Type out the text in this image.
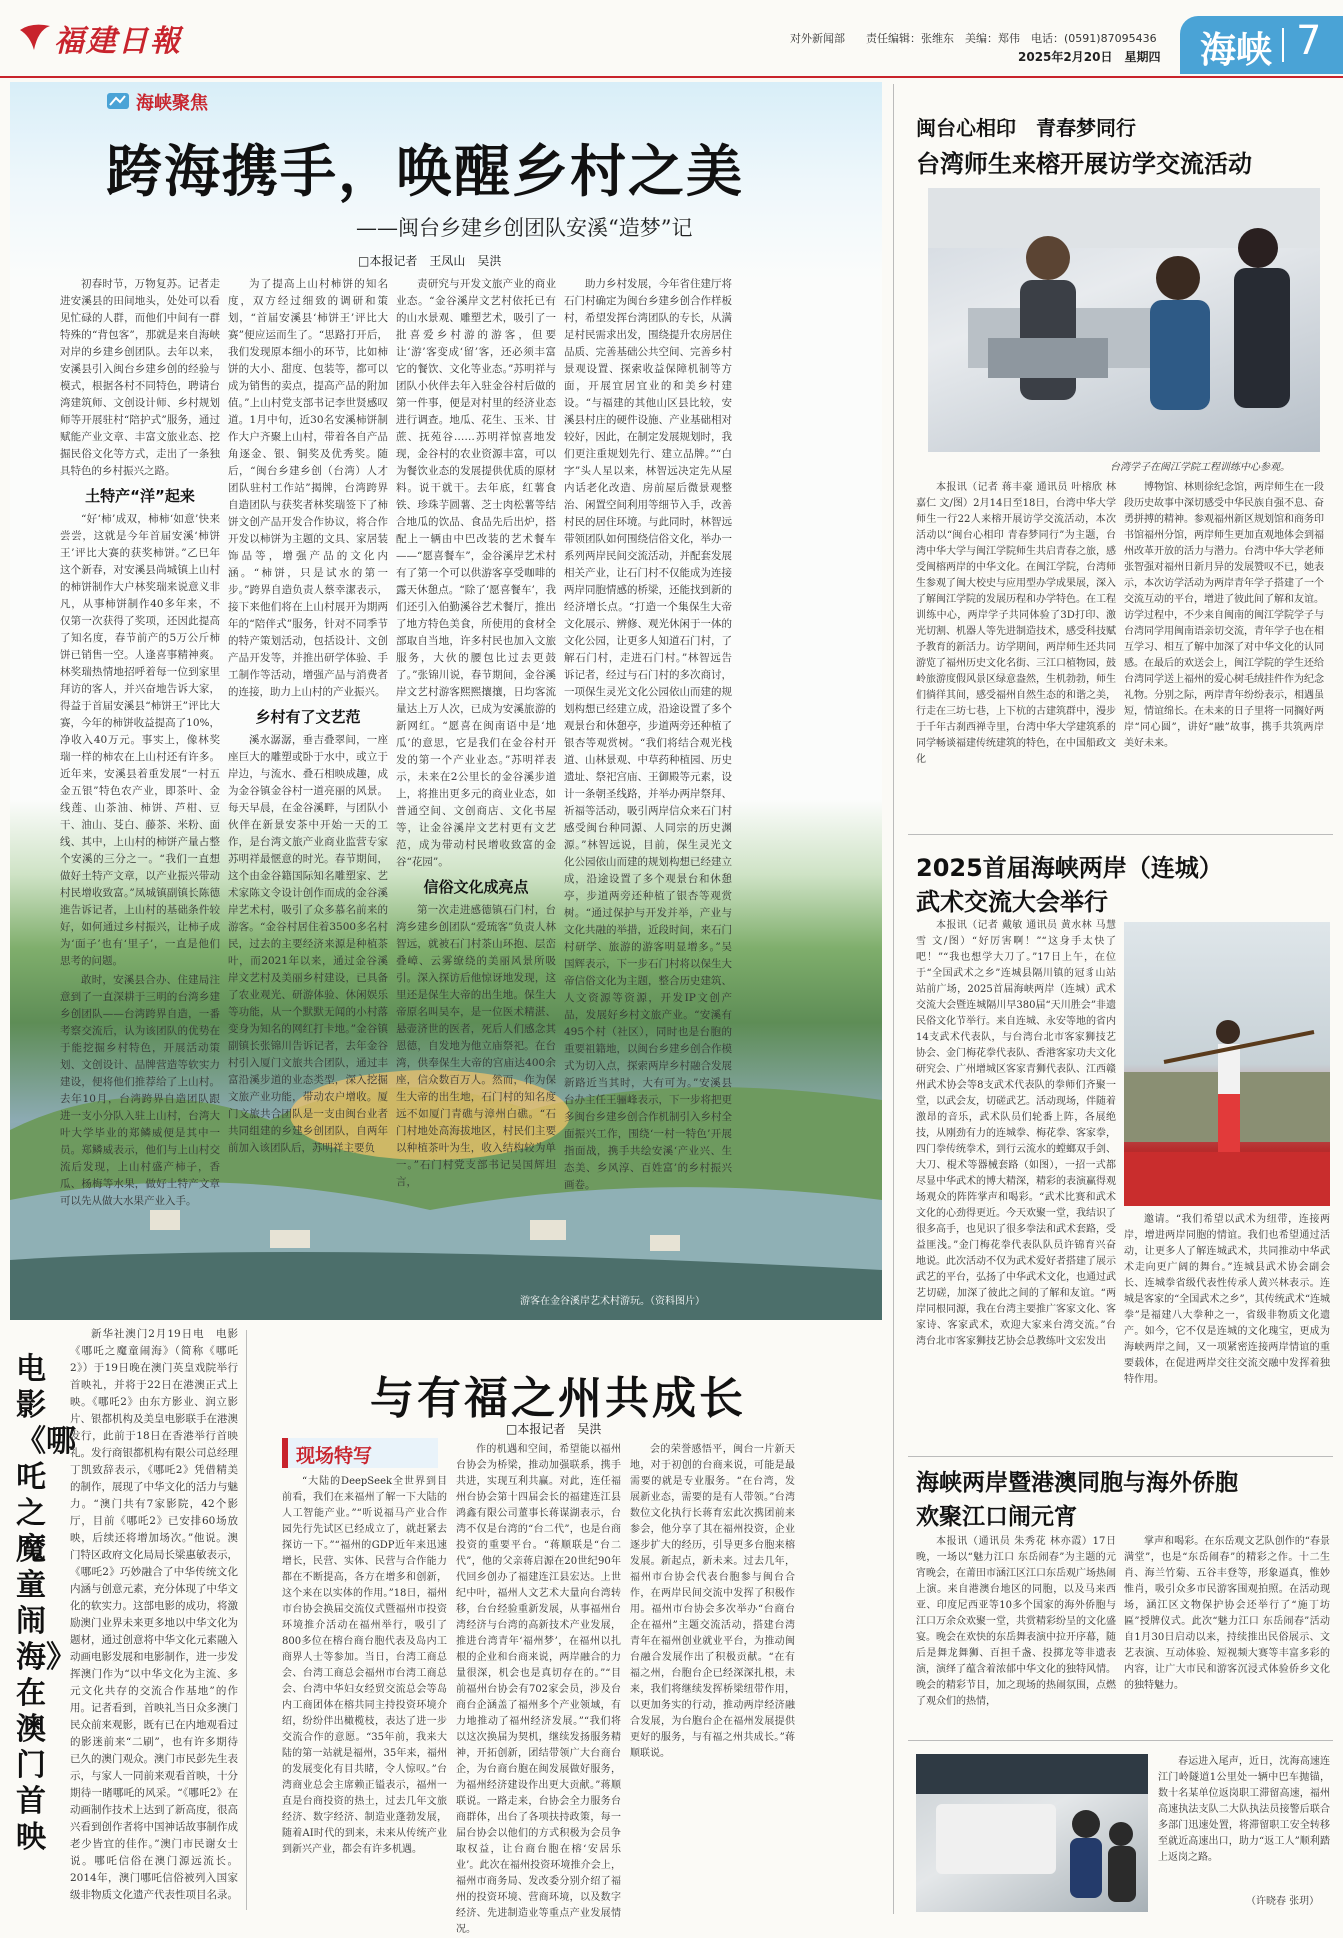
福建日報	对外新闻部 责任编辑：张维东　美编：郑伟　电话：(0591)87095436
2025年2月20日　星期四 海峡 7
游客在金谷溪岸艺术村游玩。（资料图片）
海峡聚焦
跨海携手，唤醒乡村之美
——闽台乡建乡创团队安溪“造梦”记
□本报记者　王凤山　吴洪

初春时节，万物复苏。记者走进安溪县的田间地头，处处可以看见忙碌的人群，而他们中间有一群特殊的“背包客”，那就是来自海峡对岸的乡建乡创团队。去年以来，安溪县引入闽台乡建乡创的经验与模式，根据各村不同特色，聘请台湾建筑师、文创设计师、乡村规划师等开展驻村“陪护式”服务，通过赋能产业文章、丰富文旅业态、挖掘民俗文化等方式，走出了一条独具特色的乡村振兴之路。

土特产“洋”起来

“好‘柿’成双，柿柿‘如意’快来尝尝，这就是今年首届安溪‘柿饼王’评比大赛的获奖柿饼。”乙巳年这个新春，对安溪县尚城镇上山村的柿饼制作大户林奖瑞来说意义非凡，从事柿饼制作40多年来，不仅第一次获得了奖项，还因此提高了知名度，春节前产的5万公斤柿饼已销售一空。人逢喜事精神爽。林奖瑞热情地招呼着每一位到家里拜访的客人，并兴奋地告诉大家，得益于首届安溪县“柿饼王”评比大赛，今年的柿饼收益提高了10%，净收入40万元。事实上，像林奖瑞一样的柿农在上山村还有许多。近年来，安溪县着重发展“一村五金五银”特色农产业，即茶叶、金线莲、山茶油、柿饼、芦柑、豆干、油山、芟白、藤茶、米粉、面线、其中，上山村的柿饼产量占整个安溪的三分之一。“我们一直想做好土特产文章，以产业振兴带动村民增收致富。”凤城镇副镇长陈德進告诉记者，上山村的基础条件较好，如何通过乡村振兴，让柿子成为‘面子’也有‘里子’，一直是他们思考的问题。

敢时，安溪县合办、住建局注意到了一直深耕于三明的台湾乡建乡创团队——台湾跨界自造，一番考察交流后，认为该团队的优势在于能挖掘乡村特色，开展活动策划、文创设计、品牌营造等软实力建设，便将他们推荐给了上山村。去年10月，台湾跨界自造团队跟进一支小分队入驻上山村，台湾大叶大学毕业的郑鳞威便是其中一员。郑鳞威表示，他们与上山村交流后发现，上山村盛产柿子，香瓜、杨梅等水果，做好土特产文章可以先从做大水果产业入手。

为了提高上山村柿饼的知名度，双方经过细致的调研和策划，“首届安溪县‘柿饼王’评比大赛”便应运而生了。“思路打开后，我们发现原本细小的环节，比如柿饼的大小、甜度、包装等，都可以成为销售的卖点，提高产品的附加值。”上山村党支部书记李世贤感叹道。1月中旬，近30名安溪柿饼制作大户齐聚上山村，带着各自产品角逐金、银、铜奖及优秀奖。随后，“闽台乡建乡创（台湾）人才团队驻村工作站”揭牌，台湾跨界自造团队与获奖者林奖瑞签下了柿饼文创产品开发合作协议，将合作开发以柿饼为主题的文具、家居装饰品等，增强产品的文化内涵。“柿饼，只是试水的第一步。”跨界自造负责人蔡幸潔表示，接下来他们将在上山村展开为期两年的“陪伴式”服务，针对不同季节的特产策划活动，包括设计、文创产品开发等，并推出研学体验、手工制作等活动，增强产品与消费者的连接，助力上山村的产业振兴。

乡村有了文艺范

溪水潺潺，垂吉叠翠间，一座座巨大的雕塑或卧于水中，或立于岸边，与流水、叠石相映成趣，成为金谷镇金谷村一道亮丽的风景。每天早晨，在金谷溪畔，与团队小伙伴在新景安茶中开始一天的工作，是台湾文旅产业商业监营专家苏明祥最惬意的时光。春节期间，这个由金谷籍国际知名雕塑家、艺术家陈文令设计创作而成的金谷溪岸艺术村，吸引了众多慕名前来的游客。“金谷村居住着3500多名村民，过去的主要经济来源是种植茶叶，而2021年以来，通过金谷溪岸文艺村及美丽乡村建设，已具备了农业观光、研游体验、休闲娱乐等功能，从一个默默无闻的小村落变身为知名的网红打卡地。”金谷镇副镇长张锦川告诉记者，去年金谷村引入厦门文旅共合团队，通过丰富沿溪步道的业态类型，深入挖掘文旅产业功能，带动农户增收。厦门文旅共合团队是一支由闽台业者共同组建的乡建乡创团队，自两年前加入该团队后，苏明祥主要负

责研究与开发文旅产业的商业业态。“金谷溪岸文艺村依托已有的山水景观、雕塑艺术，吸引了一批喜爱乡村游的游客，但要让‘游’客变成‘留’客，还必须丰富它的餐饮、文化等业态。”苏明祥与团队小伙伴去年入驻金谷村后做的第一件事，便是对村里的经济业态进行调查。地瓜、花生、玉米、甘蔗、抚苑谷……苏明祥惊喜地发现，金谷村的农业资源丰富，可以为餐饮业态的发展提供优质的原材料。说干就干。去年底，红薯食铁、珍珠芋圆薯、芝士肉松薯等结合地瓜的饮品、食品先后出炉，搭配上一辆由中巴改装的艺术餐车——“愿喜餐车”，金谷溪岸艺术村有了第一个可以供游客享受咖啡的露天休憩点。“除了‘愿喜餐车’，我们还引入伯勤溪谷艺术餐厅，推出了地方特色美食，所使用的食材全部取自当地，许多村民也加入文旅服务，大伙的腰包比过去更鼓了。”张锦川说，春节期间，金谷溪岸文艺村游客熙熙攘攘，日均客流量达上万人次，已成为安溪旅游的新网红。“愿喜在闽南语中是‘地瓜’的意思，它是我们在金谷村开发的第一个产业业态。”苏明祥表示，未来在2公里长的金谷溪步道上，将推出更多元的商业业态，如普通空间、文创商店、文化书屋等，让金谷溪岸文艺村更有文艺范，成为带动村民增收致富的金谷“花园”。

信俗文化成亮点

第一次走进感德镇石门村，台湾乡建乡创团队“爱琉客”负责人林智远，就被石门村茶山环抱、层峦叠嶂、云雾缭绕的美丽风景所吸引。深入探访后他惊讶地发现，这里还是保生大帝的出生地。保生大帝原名叫吴夲，是一位医术精湛、悬壶济世的医者，死后人们感念其恩德，自发地为他立庙祭祀。在台湾，供奉保生大帝的宫庙达400余座，信众数百万人。然而，作为保生大帝的出生地，石门村的知名度远不如厦门青礁与漳州白礁。“石门村地处高海拔地区，村民们主要以种植茶叶为生，收入结构较为单一。”石门村党支部书记吴国辉坦言，

助力乡村发展，今年省住建厅将石门村确定为闽台乡建乡创合作样板村，希望发挥台湾团队的专长，从满足村民需求出发，围绕提升农房居住品质、完善基础公共空间、完善乡村景观设置、探索收益保障机制等方面，开展宜居宜业的和美乡村建设。“与福建的其他山区县比较，安溪县村庄的硬件设施、产业基础相对较好，因此，在制定发展规划时，我们更注重规划先行、建立品牌。”“白字”头人星以来，林智远决定先从屋内话老化改造、房前屋后微景观整治、闲置空间利用等细节入手，改善村民的居住环境。与此同时，林智远带领团队如何围绕信俗文化，举办一系列两岸民间交流活动，并配套发展相关产业，让石门村不仅能成为连接两岸同胞情感的桥梁，还能找到新的经济增长点。“打造一个集保生大帝文化展示、辨修、观光休闲于一体的文化公园，让更多人知道石门村，了解石门村，走进石门村。”林智远告诉记者，经过与石门村的多次商讨，一项保生灵光文化公园依山而建的规划构想已经建立成，沿途设置了多个观景台和休憩亭，步道两旁还种植了银杏等观赏树。“我们将结合观光栈道、山林景观、中草药种植园、历史遗址、祭祀宫庙、王御殿等元素，设计一条朝圣线路，并举办两岸祭拜、祈福等活动，吸引两岸信众来石门村感受闽台种同源、人同宗的历史渊源。”林智远说，目前，保生灵光文化公园依山而建的规划构想已经建立成，沿途设置了多个观景台和休憩亭，步道两旁还种植了银杏等观赏树。“通过保护与开发并举，产业与文化共融的举措，近段时间，来石门村研学、旅游的游客明显增多。”吴国辉表示，下一步石门村将以保生大帝信俗文化为主题，整合历史建筑、人文资源等资源，开发IP文创产品，发展好乡村文旅产业。“安溪有495个村（社区），同时也是台胞的重要祖籍地，以闽台乡建乡创合作模式为切入点，探索两岸乡村融合发展新路近当其时，大有可为。”安溪县台办主任王骊峰表示，下一步将把更多闽台乡建乡创合作机制引入乡村全面振兴工作，围绕‘一村一特色’开展指面战，携手共绘安溪‘产业兴、生态美、乡风淳、百姓富’的乡村振兴画卷。

电影《哪吒之魔童闹海》在澳门首映

新华社澳门2月19日电　电影《哪吒之魔童闹海》（简称《哪吒2》）于19日晚在澳门英皇戏院举行首映礼，并将于22日在港澳正式上映。《哪吒2》由东方影业、润立影片、银都机构及美皇电影联手在港澳发行，此前于18日在香港举行首映礼。发行商银都机构有限公司总经理丁凯致辞表示，《哪吒2》凭借精美的制作，展现了中华文化的活力与魅力。“澳门共有7家影院，42个影厅，目前《哪吒2》已安排60场放映，后续还将增加场次。”他说。澳门特区政府文化局局长梁惠敏表示，《哪吒2》巧妙融合了中华传统文化内涵与创意元素，充分体现了中华文化的软实力。这部电影的成功，将激励澳门业界未来更多地以中华文化为题材，通过创意将中华文化元素融入动画电影发展和电影制作，进一步发挥澳门作为“以中华文化为主流、多元文化共存的交流合作基地”的作用。记者看到，首映礼当日众多澳门民众前来观影，既有已在内地观看过的影迷前来“二刷”，也有许多期待已久的澳门观众。澳门市民彭先生表示，与家人一同前来观看首映，十分期待一睹哪吒的风采。“《哪吒2》在动画制作技术上达到了新高度，很高兴看到创作者将中国神话故事制作成老少皆宜的佳作。”澳门市民谢女士说。哪吒信俗在澳门源远流长。2014年，澳门哪吒信俗被列入国家级非物质文化遗产代表性项目名录。

与有福之州共成长
□本报记者　吴洪
现场特写

“大陆的DeepSeek全世界到目前看，我们在来福州了解一下大陆的人工智能产业。”“听说福马产业合作园先行先试区已经成立了，就赶紧去探访一下。”“福州的GDP近年来迅速增长，民营、实体、民营与合作能力都在不断提高，各方在增多和创新，这个来在以实体的作用。”18日，福州市台协会换届交流仪式暨福州市投资环境推介活动在福州举行，吸引了800多位在榕台商台胞代表及岛内工商界人士等参加。当日，台湾工商总会、台湾工商总会福州市台湾工商总会、台湾中华妇女经贸交流总会等岛内工商团体在榕共同主持投资环境介绍，纷纷伴出橄榄枝，表达了进一步交流合作的意愿。“35年前，我来大陆的第一站就是福州，35年来，福州的发展变化有目共睹，令人惊叹。”台湾商业总会主席赖正镒表示，福州一直是台商投资的热土，过去几年文旅经济、数字经济、制造业蓬勃发展，随着AI时代的到来，未来从传统产业到新兴产业，都会有许多机遇。

作的机遇和空间，希望能以福州台协会为桥梁，推动加强联系，携手共进，实现互利共赢。对此，连任福州台协会第十四届会长的福建连江县鸿鑫有限公司董事长蒋谋湖表示，台湾不仅是台湾的“台二代”，也是台商投资的重要平台。“蒋顺联是“台二代”，他的父亲蒋启源在20世纪90年代回乡创办了福建连江县宏达。上世纪中叶，福州人文艺术大量向台湾转移，台台经验重新发展，从事福州台湾经济与台湾的高新技术产业发展，推进台湾青年‘福州梦’，在福州以扎根的企业和台商来说，两岸融合的力量很深，机会也是真切存在的。”“目前福州台协会有702家会员，涉及台商台企涵盖了福州多个产业领域，有力地推动了福州经济发展。”“我们将以这次换届为契机，继续发扬服务精神，开拓创新，团结带领广大台商台企，为台商台胞在闽发展做好服务，为福州经济建设作出更大贡献。”蒋顺联说。一路走来，台协会全力服务台商群体，出台了各项扶持政策，每一届台协会以他们的方式积极为会员争取权益，让台商台胞在榕‘安居乐业’。此次在福州投资环境推介会上，福州市商务局、发改委分别介绍了福州的投资环境、营商环境，以及数字经济、先进制造业等重点产业发展情况。

会的荣誉感悟平，闽台一片新天地，对于初创的台商来说，可能是最需要的就是专业服务。“在台湾，发展新业态，需要的是有人带领。”台湾数位文化执行长蒋育宏此次携团前来参会，他分享了其在福州投资，企业逐步扩大的经历，引导更多台胞来榕发展。新起点，新未来。过去几年，福州市台协会代表台胞参与闽台合作，在两岸民间交流中发挥了积极作用。福州市台协会多次举办“台商台企在福州”主题交流活动，搭建台湾青年在福州创业就业平台，为推动闽台融合发展作出了积极贡献。“在有福之州，台胞台企已经深深扎根，未来，我们将继续发挥桥梁纽带作用，以更加务实的行动，推动两岸经济融合发展，为台胞台企在福州发展提供更好的服务，与有福之州共成长。”蒋顺联说。

闽台心相印　青春梦同行
台湾师生来榕开展访学交流活动
台湾学子在闽江学院工程训练中心参观。

本报讯（记者 蒋丰豪 通讯员 叶榕欣 林嘉仁 文/图）2月14日至18日，台湾中华大学师生一行22人来榕开展访学交流活动，本次活动以“闽台心相印 青春梦同行”为主题，台湾中华大学与闽江学院师生共启青春之旅，感受闽榕两岸的中华文化。在闽江学院，台湾师生参观了闽大校史与应用型办学成果展，深入了解闽江学院的发展历程和办学特色。在工程训练中心，两岸学子共同体验了3D打印、激光切割、机器人等先进制造技术，感受科技赋予教育的新活力。访学期间，两岸师生还共同游览了福州历史文化名街、三江口植物园，鼓岭旅游度假风景区绿意盎然，生机勃勃，师生们徜徉其间，感受福州自然生态的和谐之美，行走在三坊七巷，上下杭的古建筑群中，漫步于千年古刹西禅寺里，台湾中华大学建筑系的同学畅谈福建传统建筑的特色，在中国船政文化

博物馆、林则徐纪念馆，两岸师生在一段段历史故事中深切感受中华民族自强不息、奋勇拼搏的精神。参观福州新区规划馆和商务印书馆福州分馆，两岸师生更加直观地体会到福州改革开放的活力与潜力。台湾中华大学老师张智强对福州日新月异的发展赞叹不已，她表示，本次访学活动为两岸青年学子搭建了一个交流互动的平台，增进了彼此间了解和友谊。访学过程中，不少来自闽南的闽江学院学子与台湾同学用闽南语亲切交流，青年学子也在相互学习、相互了解中加深了对中华文化的认同感。在最后的欢送会上，闽江学院的学生还给台湾同学送上福州的爱心树毛绒挂件作为纪念礼物。分别之际，两岸青年纷纷表示，相遇虽短，情谊绵长。在未来的日子里将一同搁好两岸“同心圆”，讲好“融”故事，携手共筑两岸美好未来。

2025首届海峡两岸（连城）
武术交流大会举行

本报讯（记者 戴敏 通讯员 黄水林 马慧雪 文/图）“好厉害啊！”“这身手太快了吧！”“我也想学大刀了。”17日上午，在位于“全国武术之乡”连城县隔川镇的冠豸山站站前广场，2025首届海峡两岸（连城）武术交流大会暨连城隔川早380届“天川胜会”非遗民俗文化节举行。来自连城、永安等地的省内14支武术代表队，与台湾台北市客家狮技艺协会、金门梅花拳代表队、香港客家功夫文化研究会、广州增城区客家青狮代表队、江西赣州武术协会等8支武术代表队的拳师们齐聚一堂，以武会友，切磋武艺。活动现场，伴随着激昂的音乐，武术队员们轮番上阵，各展绝技，从刚劲有力的连城拳、梅花拳、客家拳，四门拳传统拳术，到行云流水的螳螂双手剑、大刀、棍术等器械套路（如图），一招一式都尽显中华武术的博大精深，精彩的表演赢得观场观众的阵阵掌声和喝彩。“武术比赛和武术文化的心劲得更近。今天欢聚一堂，我结识了很多高手，也见识了很多拳法和武术套路，受益匪浅。”金门梅花拳代表队队员许锦育兴奋地说。此次活动不仅为武术爱好者搭建了展示武艺的平台，弘扬了中华武术文化，也通过武艺切磋，加深了彼此之间的了解和友谊。“两岸同根同源，我在台湾主要推广客家文化、客家诗、客家武术，欢迎大家来台湾交流。”台湾台北市客家狮技艺协会总教练叶文宏发出

邀请。“我们希望以武术为纽带，连接两岸，增进两岸同胞的情谊。我们也希望通过活动，让更多人了解连城武术，共同推动中华武术走向更广阔的舞台。”连城县武术协会副会长、连城拳省级代表性传承人黄兴林表示。连城是客家的“全国武术之乡”，其传统武术“连城拳”是福建八大拳种之一，省级非物质文化遗产。如今，它不仅是连城的文化瑰宝，更成为海峡两岸之间，又一项紧密连接两岸情谊的重要载体，在促进两岸交往交流交融中发挥着独特作用。

海峡两岸暨港澳同胞与海外侨胞
欢聚江口闹元宵

本报讯（通讯员 朱秀花 林亦霞）17日晚，一场以“魅力江口 东岳闹春”为主题的元宵晚会，在莆田市涵江区江口东岳观广场热闹上演。来自港澳台地区的同胞，以及马来西亚、印度尼西亚等10多个国家的海外侨胞与江口万余众欢聚一堂，共赏精彩纷呈的文化盛宴。晚会在欢快的东岳舞表演中拉开序幕，随后是舞龙舞狮、百担千盏、投掷龙等非遗表演，演绎了蕴含着浓郁中华文化的独特风情。晚会的精彩节目，加之现场的热闹氛围，点燃了观众们的热情，

掌声和喝彩。在东岳观文艺队创作的“春景满堂”，也是“东岳闹春”的精彩之作。十二生肖、海兰竹菊、五谷丰登等，形象逼真，惟妙惟肖，吸引众多市民游客围观拍照。在活动现场，涵江区文物保护协会还举行了“施丁坊匾”授牌仪式。此次“魅力江口 东岳闹春”活动自1月30日启动以来，持续推出民俗展示、文艺表演、互动体验、短视频大赛等丰富多彩的内容，让广大市民和游客沉浸式体验侨乡文化的独特魅力。

春运进入尾声，近日，沈海高速连江门岭隧道1公里处一辆中巴车抛锚，数十名某单位返岗职工滞留高速，福州高速执法支队二大队执法员接警后联合多部门迅速处置，将滞留职工安全转移至就近高速出口，助力“返工人”顺利踏上返岗之路。

（许晓春 张玥）
